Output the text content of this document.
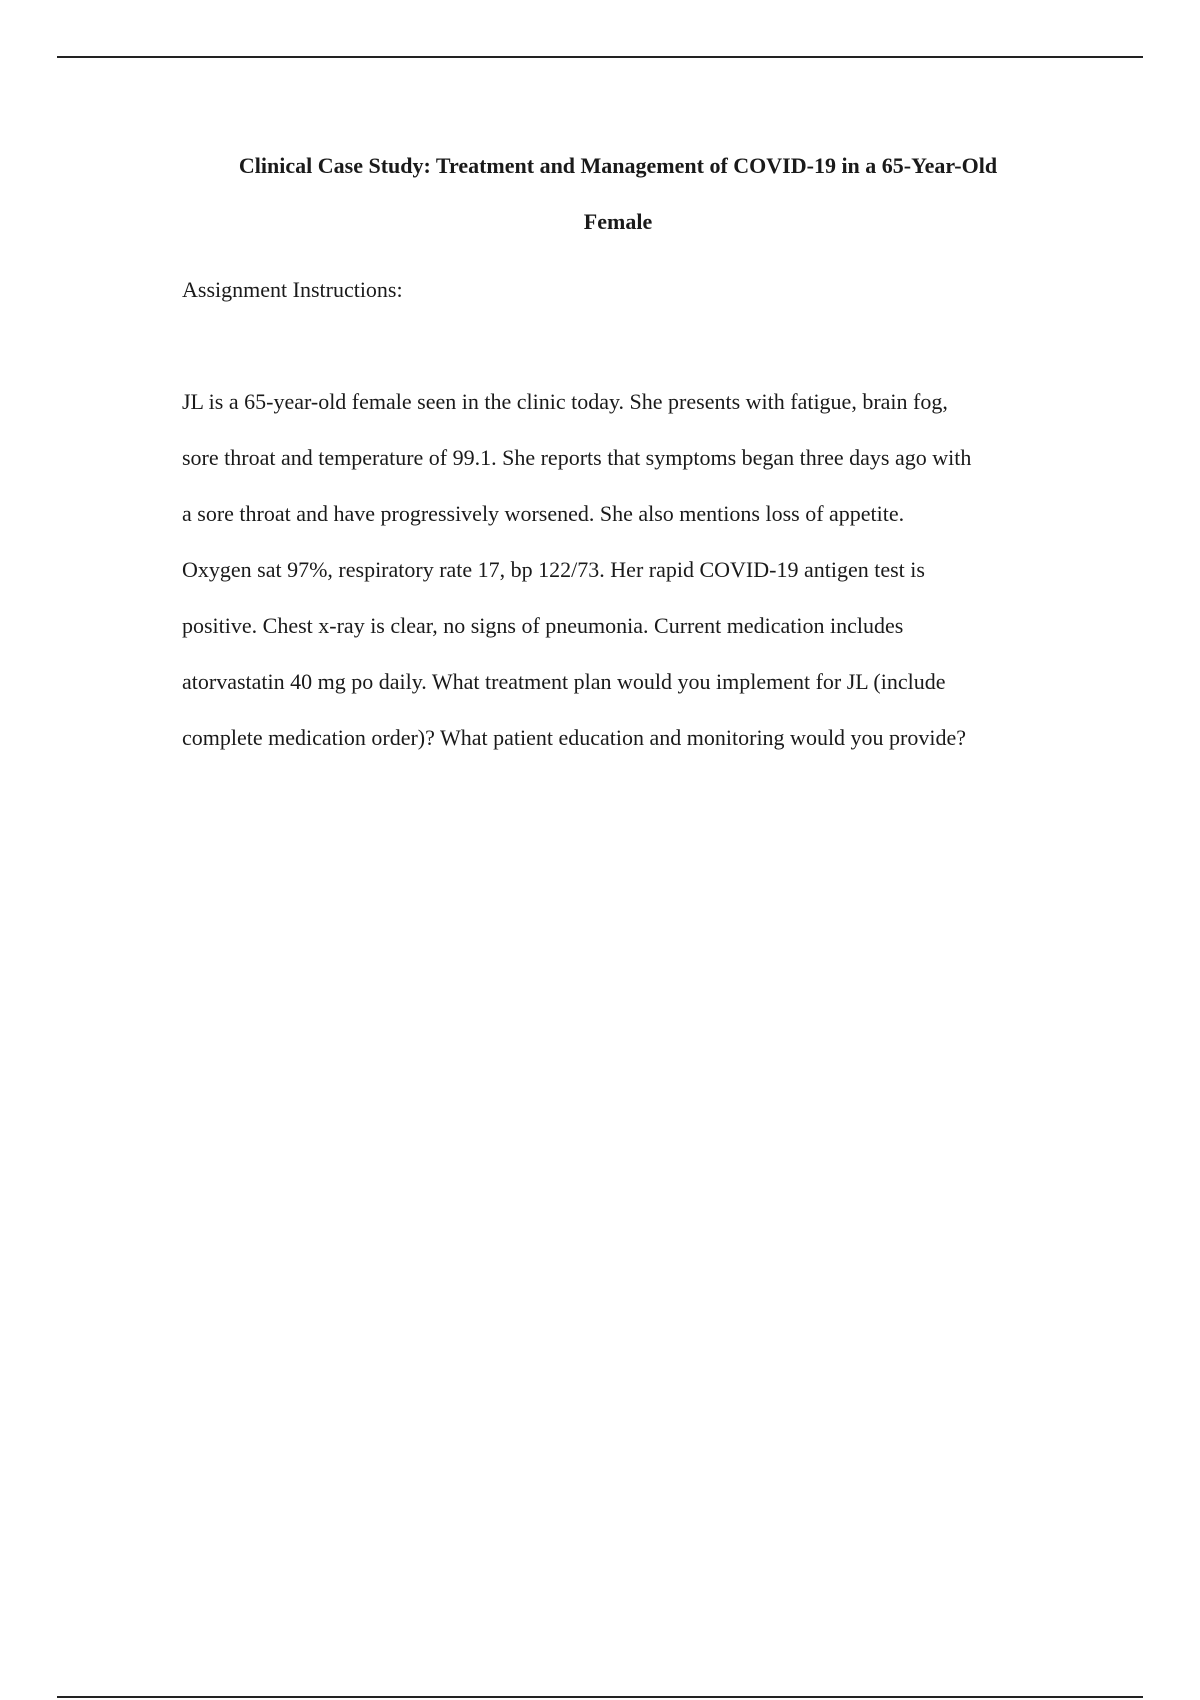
Clinical Case Study: Treatment and Management of COVID-19 in a 65-Year-Old
Female

Assignment Instructions:

JL is a 65-year-old female seen in the clinic today. She presents with fatigue, brain fog,
sore throat and temperature of 99.1. She reports that symptoms began three days ago with
a sore throat and have progressively worsened. She also mentions loss of appetite.
Oxygen sat 97%, respiratory rate 17, bp 122/73. Her rapid COVID-19 antigen test is
positive. Chest x-ray is clear, no signs of pneumonia. Current medication includes
atorvastatin 40 mg po daily. What treatment plan would you implement for JL (include
complete medication order)? What patient education and monitoring would you provide?
